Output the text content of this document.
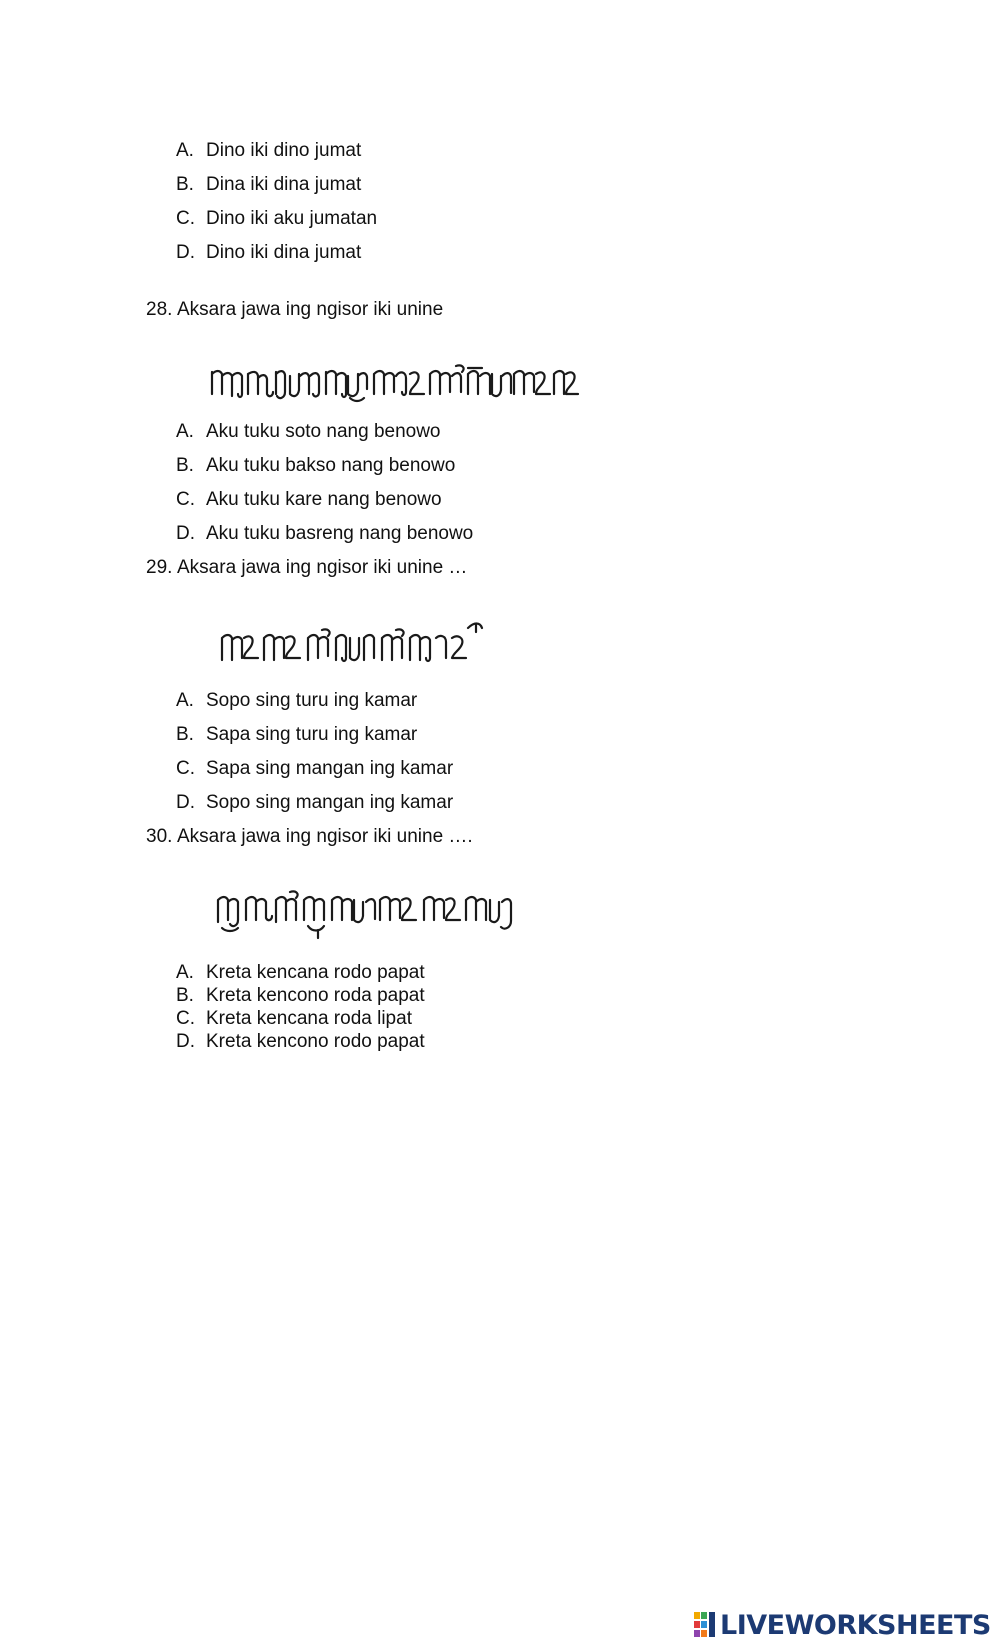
A. Dino iki dino jumat
B. Dina iki dina jumat
C. Dino iki aku jumatan
D. Dino iki dina jumat
28. Aksara jawa ing ngisor iki unine
A. Aku tuku soto nang benowo
B. Aku tuku bakso nang benowo
C. Aku tuku kare nang benowo
D. Aku tuku basreng nang benowo
29. Aksara jawa ing ngisor iki unine …
A. Sopo sing turu ing kamar
B. Sapa sing turu ing kamar
C. Sapa sing mangan ing kamar
D. Sopo sing mangan ing kamar
30. Aksara jawa ing ngisor iki unine ….
A. Kreta kencana rodo papat
B. Kreta kencono roda papat
C. Kreta kencana roda lipat
D. Kreta kencono rodo papat
LIVEWORKSHEETS
